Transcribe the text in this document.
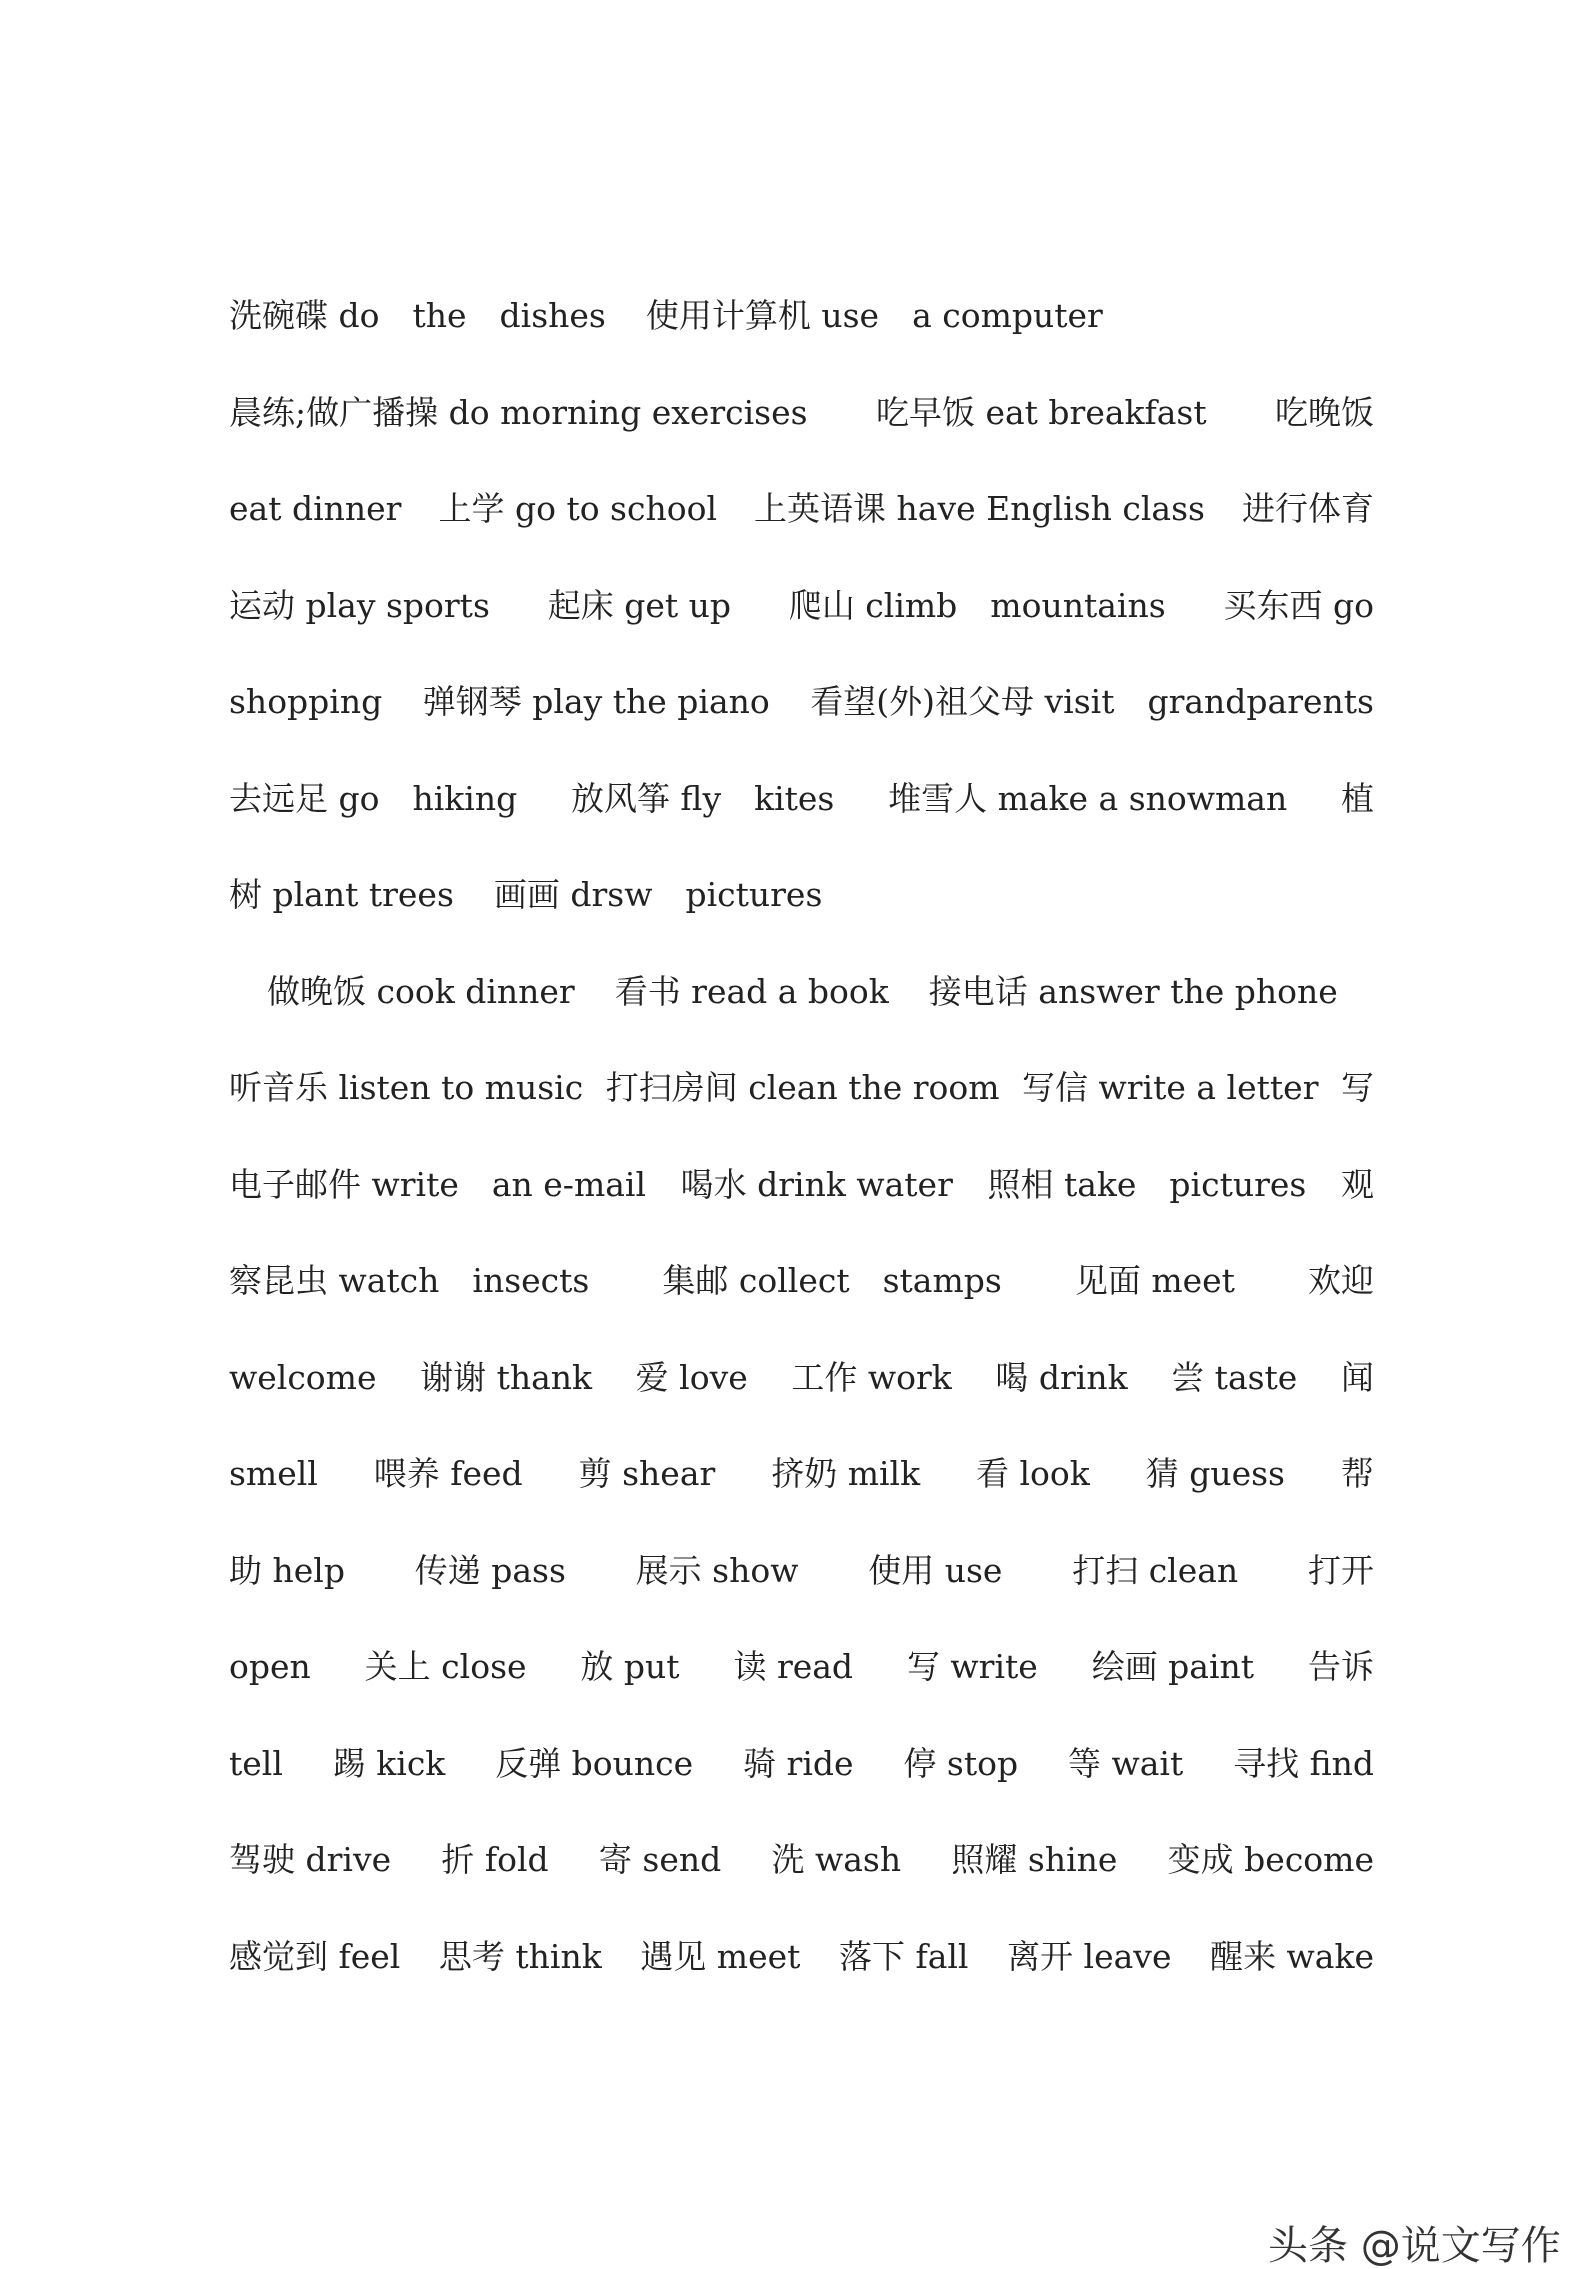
洗碗碟 do　the　dishes 使用计算机 use　a computer
晨练;做广播操 do morning exercises 吃早饭 eat breakfast 吃晚饭
eat dinner 上学 go to school 上英语课 have English class 进行体育
运动 play sports 起床 get up 爬山 climb　mountains 买东西 go
shopping 弹钢琴 play the piano 看望(外)祖父母 visit　grandparents
去远足 go　hiking 放风筝 fly　kites 堆雪人 make a snowman 植
树 plant trees 画画 drsw　pictures
做晚饭 cook dinner 看书 read a book 接电话 answer the phone
听音乐 listen to music 打扫房间 clean the room 写信 write a letter 写
电子邮件 write　an e-mail 喝水 drink water 照相 take　pictures 观
察昆虫 watch　insects 集邮 collect　stamps 见面 meet 欢迎
welcome 谢谢 thank 爱 love 工作 work 喝 drink 尝 taste 闻
smell 喂养 feed 剪 shear 挤奶 milk 看 look 猜 guess 帮
助 help 传递 pass 展示 show 使用 use 打扫 clean 打开
open 关上 close 放 put 读 read 写 write 绘画 paint 告诉
tell 踢 kick 反弹 bounce 骑 ride 停 stop 等 wait 寻找 find
驾驶 drive 折 fold 寄 send 洗 wash 照耀 shine 变成 become
感觉到 feel 思考 think 遇见 meet 落下 fall 离开 leave 醒来 wake
头条 @说文写作
